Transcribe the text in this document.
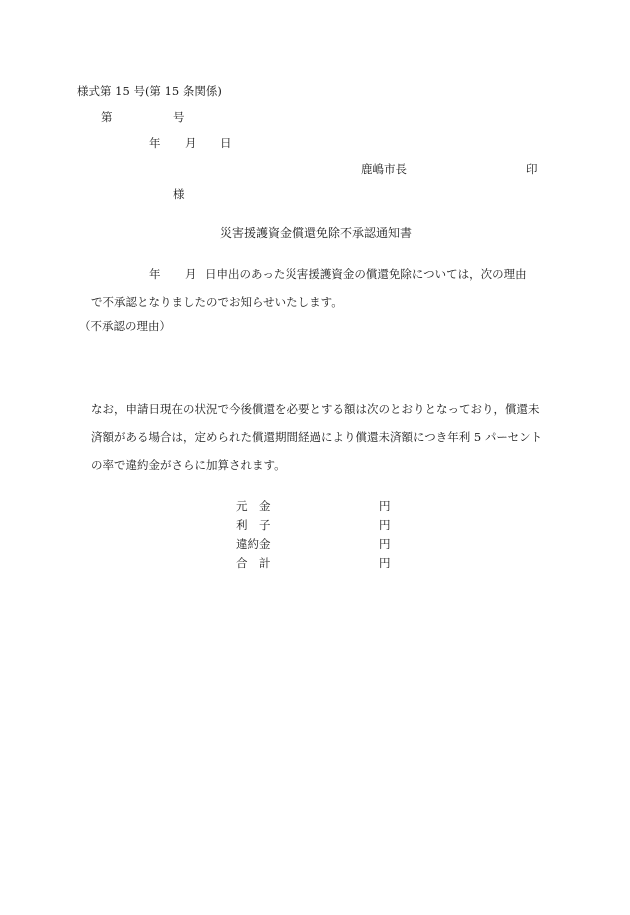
様式第 15 号(第 15 条関係)
第	号
年 月 日
鹿嶋市長	印
様
災害援護資金償還免除不承認通知書
年 月 日申出のあった災害援護資金の償還免除については，次の理由
で不承認となりましたのでお知らせいたします。
（不承認の理由）
なお，申請日現在の状況で今後償還を必要とする額は次のとおりとなっており，償還未
済額がある場合は，定められた償還期間経過により償還未済額につき年利 5 パーセント
の率で違約金がさらに加算されます。
元　金	円
利　子	円
違約金	円
合　計	円
